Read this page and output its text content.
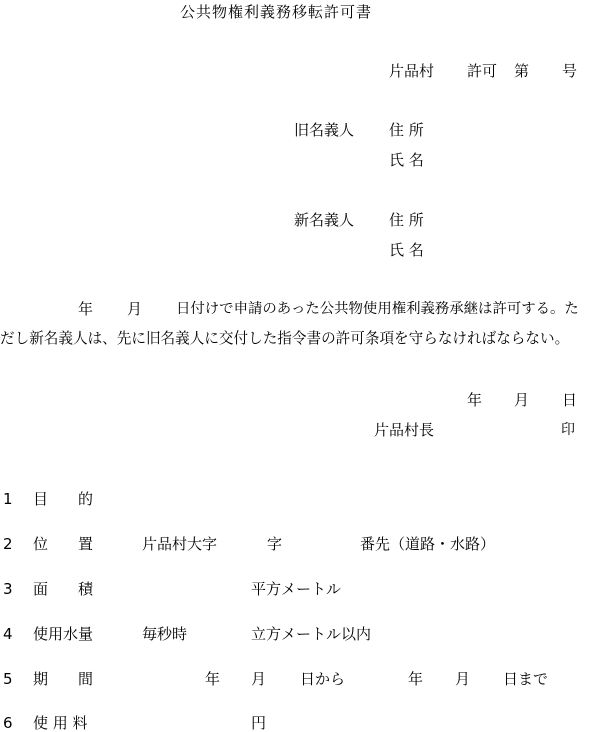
公共物権利義務移転許可書
片品村 許可 第 号
旧名義人 住 所
氏 名
新名義人 住 所
氏 名
年 月 日付けで申請のあった公共物使用権利義務承継は許可する。た
だし新名義人は、先に旧名義人に交付した指令書の許可条項を守らなければならない。
年 月 日
片品村長	印
1 目　　的
2 位　　置	片品村大字	字	番先（道路・水路）
3 面　　積	平方メートル
4 使用水量	毎秒時	立方メートル以内
5 期　　間	年 月 日から	年 月 日まで
6 使 用 料	円
